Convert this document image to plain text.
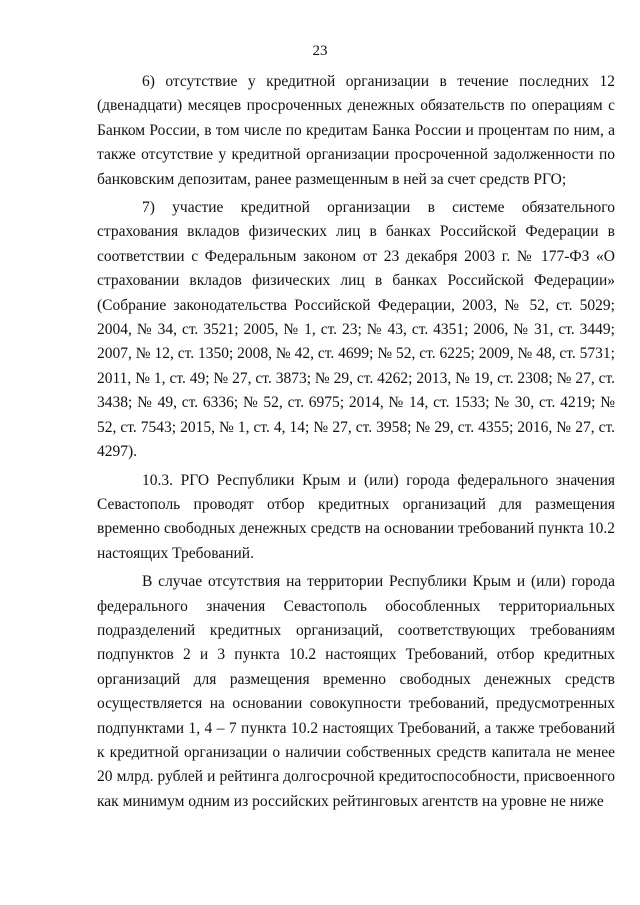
23

6) отсутствие у кредитной организации в течение последних 12 (двенадцати) месяцев просроченных денежных обязательств по операциям с Банком России, в том числе по кредитам Банка России и процентам по ним, а также отсутствие у кредитной организации просроченной задолженности по банковским депозитам, ранее размещенным в ней за счет средств РГО;

7) участие кредитной организации в системе обязательного страхования вкладов физических лиц в банках Российской Федерации в соответствии с Федеральным законом от 23 декабря 2003 г. № 177-ФЗ «О страховании вкладов физических лиц в банках Российской Федерации» (Собрание законодательства Российской Федерации, 2003, № 52, ст. 5029; 2004, № 34, ст. 3521; 2005, № 1, ст. 23; № 43, ст. 4351; 2006, № 31, ст. 3449; 2007, № 12, ст. 1350; 2008, № 42, ст. 4699; № 52, ст. 6225; 2009, № 48, ст. 5731; 2011, № 1, ст. 49; № 27, ст. 3873; № 29, ст. 4262; 2013, № 19, ст. 2308; № 27, ст. 3438; № 49, ст. 6336; № 52, ст. 6975; 2014, № 14, ст. 1533; № 30, ст. 4219; № 52, ст. 7543; 2015, № 1, ст. 4, 14; № 27, ст. 3958; № 29, ст. 4355; 2016, № 27, ст. 4297).

10.3. РГО Республики Крым и (или) города федерального значения Севастополь проводят отбор кредитных организаций для размещения временно свободных денежных средств на основании требований пункта 10.2 настоящих Требований.

В случае отсутствия на территории Республики Крым и (или) города федерального значения Севастополь обособленных территориальных подразделений кредитных организаций, соответствующих требованиям подпунктов 2 и 3 пункта 10.2 настоящих Требований, отбор кредитных организаций для размещения временно свободных денежных средств осуществляется на основании совокупности требований, предусмотренных подпунктами 1, 4 – 7 пункта 10.2 настоящих Требований, а также требований к кредитной организации о наличии собственных средств капитала не менее 20 млрд. рублей и рейтинга долгосрочной кредитоспособности, присвоенного как минимум одним из российских рейтинговых агентств на уровне не ниже
